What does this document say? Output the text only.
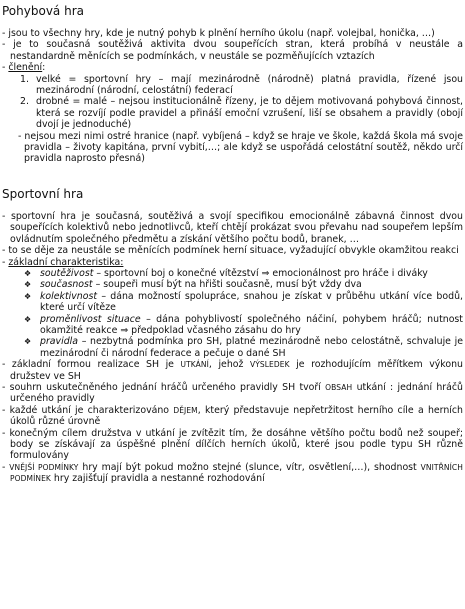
Pohybová hra
- jsou to všechny hry, kde je nutný pohyb k plnění herního úkolu (např. volejbal, honička, …)
- je to současná soutěživá aktivita dvou soupeřících stran, která probíhá v neustále a nestandardně měnících se podmínkách, v neustále se pozměňujících vztazích
- členění:
1. velké = sportovní hry – mají mezinárodně (národně) platná pravidla, řízené jsou mezinárodní (národní, celostátní) federací
2. drobné = malé – nejsou institucionálně řízeny, je to dějem motivovaná pohybová činnost, která se rozvíjí podle pravidel a přináší emoční vzrušení, liší se obsahem a pravidly (obojí dvojí je jednoduché)
- nejsou mezi nimi ostré hranice (např. vybíjená – když se hraje ve škole, každá škola má svoje pravidla – životy kapitána, první vybití,…; ale když se uspořádá celostátní soutěž, někdo určí pravidla naprosto přesná)
Sportovní hra
- sportovní hra je současná, soutěživá a svojí specifikou emocionálně zábavná činnost dvou soupeřících kolektivů nebo jednotlivců, kteří chtějí prokázat svou převahu nad soupeřem lepším ovládnutím společného předmětu a získání většího počtu bodů, branek, …
- to se děje za neustále se měnících podmínek herní situace, vyžadující obvykle okamžitou reakci
- základní charakteristika:
❖ soutěživost – sportovní boj o konečné vítězství ⇒ emocionálnost pro hráče i diváky
❖ současnost – soupeři musí být na hřišti současně, musí být vždy dva
❖ kolektivnost – dána možností spolupráce, snahou je získat v průběhu utkání více bodů, které určí vítěze
❖ proměnlivost situace – dána pohyblivostí společného náčiní, pohybem hráčů; nutnost okamžité reakce ⇒ předpoklad včasného zásahu do hry
❖ pravidla – nezbytná podmínka pro SH, platné mezinárodně nebo celostátně, schvaluje je mezinárodní či národní federace a pečuje o dané SH
- základní formou realizace SH je UTKÁNÍ, jehož VÝSLEDEK je rozhodujícím měřítkem výkonu družstev ve SH
- souhrn uskutečněného jednání hráčů určeného pravidly SH tvoří OBSAH utkání : jednání hráčů určeného pravidly
- každé utkání je charakterizováno DĚJEM, který představuje nepřetržitost herního cíle a herních úkolů různé úrovně
- konečným cílem družstva v utkání je zvítězit tím, že dosáhne většího počtu bodů než soupeř; body se získávají za úspěšné plnění dílčích herních úkolů, které jsou podle typu SH různě formulovány
- VNĚJŠÍ PODMÍNKY hry mají být pokud možno stejné (slunce, vítr, osvětlení,…), shodnost VNITŘNÍCH PODMÍNEK hry zajišťují pravidla a nestanné rozhodování
